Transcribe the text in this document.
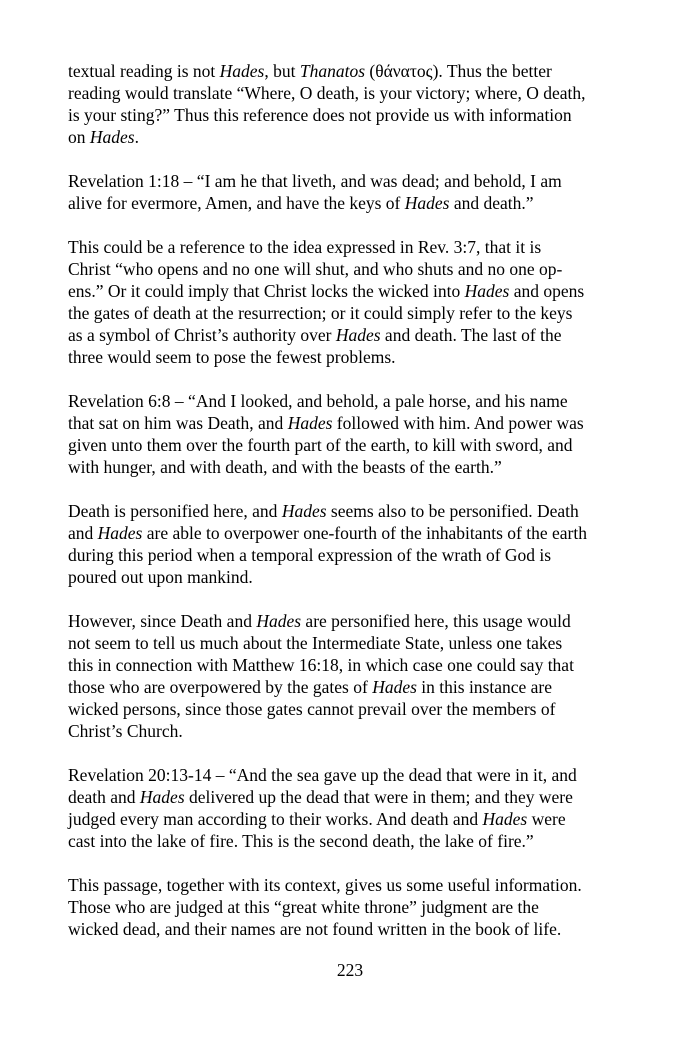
textual reading is not Hades, but Thanatos (θάνατος). Thus the better
reading would translate “Where, O death, is your victory; where, O death,
is your sting?” Thus this reference does not provide us with information
on Hades.
Revelation 1:18 – “I am he that liveth, and was dead; and behold, I am
alive for evermore, Amen, and have the keys of Hades and death.”
This could be a reference to the idea expressed in Rev. 3:7, that it is
Christ “who opens and no one will shut, and who shuts and no one op-
ens.” Or it could imply that Christ locks the wicked into Hades and opens
the gates of death at the resurrection; or it could simply refer to the keys
as a symbol of Christ’s authority over Hades and death. The last of the
three would seem to pose the fewest problems.
Revelation 6:8 – “And I looked, and behold, a pale horse, and his name
that sat on him was Death, and Hades followed with him. And power was
given unto them over the fourth part of the earth, to kill with sword, and
with hunger, and with death, and with the beasts of the earth.”
Death is personified here, and Hades seems also to be personified. Death
and Hades are able to overpower one-fourth of the inhabitants of the earth
during this period when a temporal expression of the wrath of God is
poured out upon mankind.
However, since Death and Hades are personified here, this usage would
not seem to tell us much about the Intermediate State, unless one takes
this in connection with Matthew 16:18, in which case one could say that
those who are overpowered by the gates of Hades in this instance are
wicked persons, since those gates cannot prevail over the members of
Christ’s Church.
Revelation 20:13-14 – “And the sea gave up the dead that were in it, and
death and Hades delivered up the dead that were in them; and they were
judged every man according to their works. And death and Hades were
cast into the lake of fire. This is the second death, the lake of fire.”
This passage, together with its context, gives us some useful information.
Those who are judged at this “great white throne” judgment are the
wicked dead, and their names are not found written in the book of life.
223
